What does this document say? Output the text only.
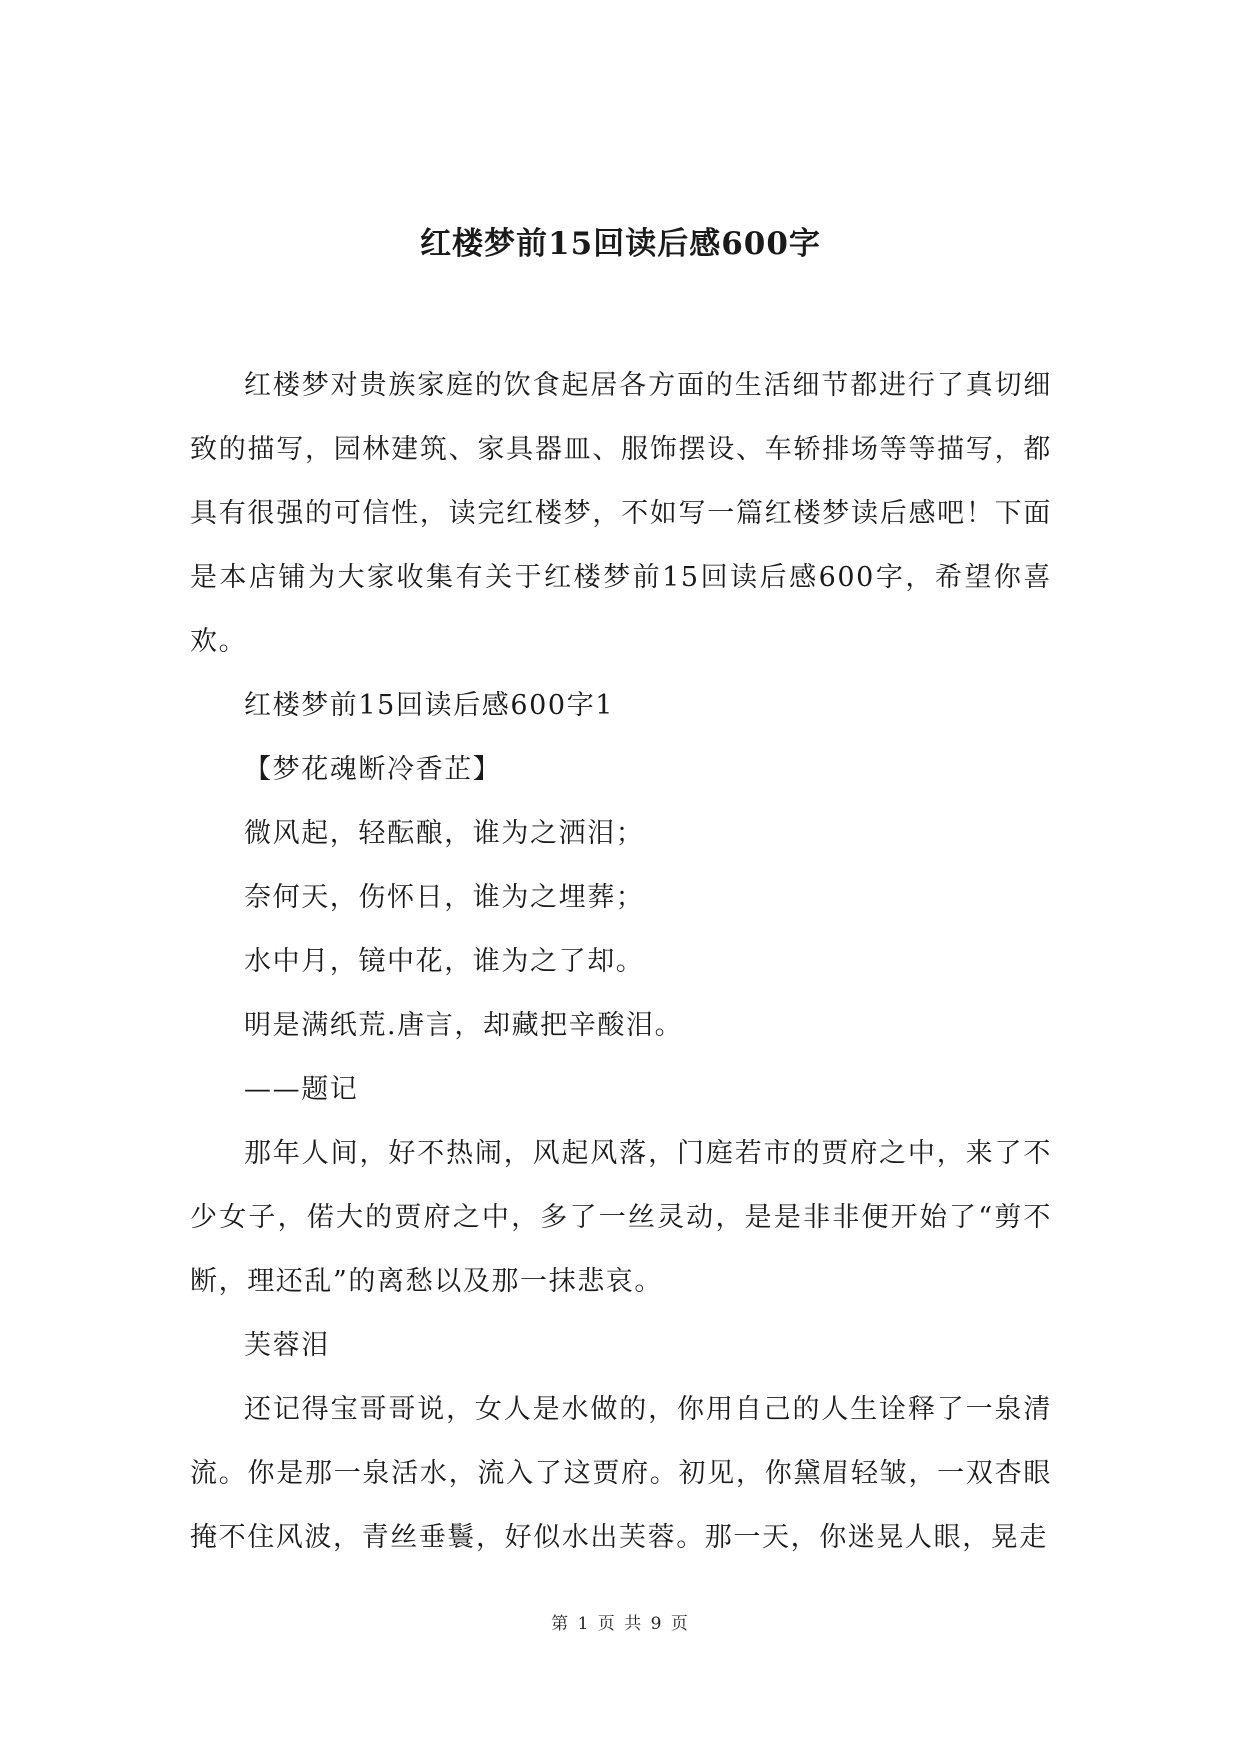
红楼梦前15回读后感600字

红楼梦对贵族家庭的饮食起居各方面的生活细节都进行了真切细致的描写，园林建筑、家具器皿、服饰摆设、车轿排场等等描写，都具有很强的可信性，读完红楼梦，不如写一篇红楼梦读后感吧！下面是本店铺为大家收集有关于红楼梦前15回读后感600字，希望你喜欢。

红楼梦前15回读后感600字1

【梦花魂断冷香芷】

微风起，轻酝酿，谁为之洒泪；

奈何天，伤怀日，谁为之埋葬；

水中月，镜中花，谁为之了却。

明是满纸荒.唐言，却藏把辛酸泪。

——题记

那年人间，好不热闹，风起风落，门庭若市的贾府之中，来了不少女子，偌大的贾府之中，多了一丝灵动，是是非非便开始了“剪不断，理还乱”的离愁以及那一抹悲哀。

芙蓉泪

还记得宝哥哥说，女人是水做的，你用自己的人生诠释了一泉清流。你是那一泉活水，流入了这贾府。初见，你黛眉轻皱，一双杏眼掩不住风波，青丝垂鬟，好似水出芙蓉。那一天，你迷晃人眼，晃走

第 1 页 共 9 页
